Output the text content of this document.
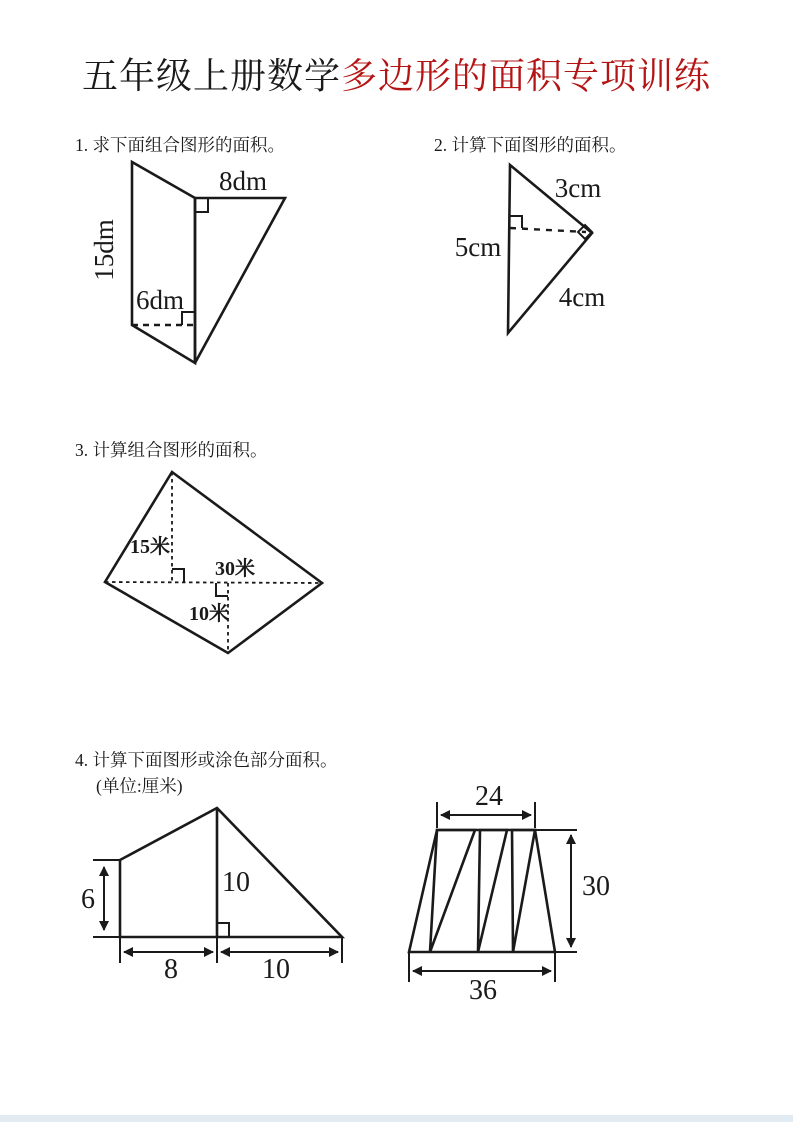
五年级上册数学多边形的面积专项训练
1. 求下面组合图形的面积。	2. 计算下面图形的面积。
3. 计算组合图形的面积。
4. 计算下面图形或涂色部分面积。
(单位:厘米)
8dm
15dm
6dm
3cm
5cm
4cm
15米
30米
10米
6
10
8	10
24
30
36
